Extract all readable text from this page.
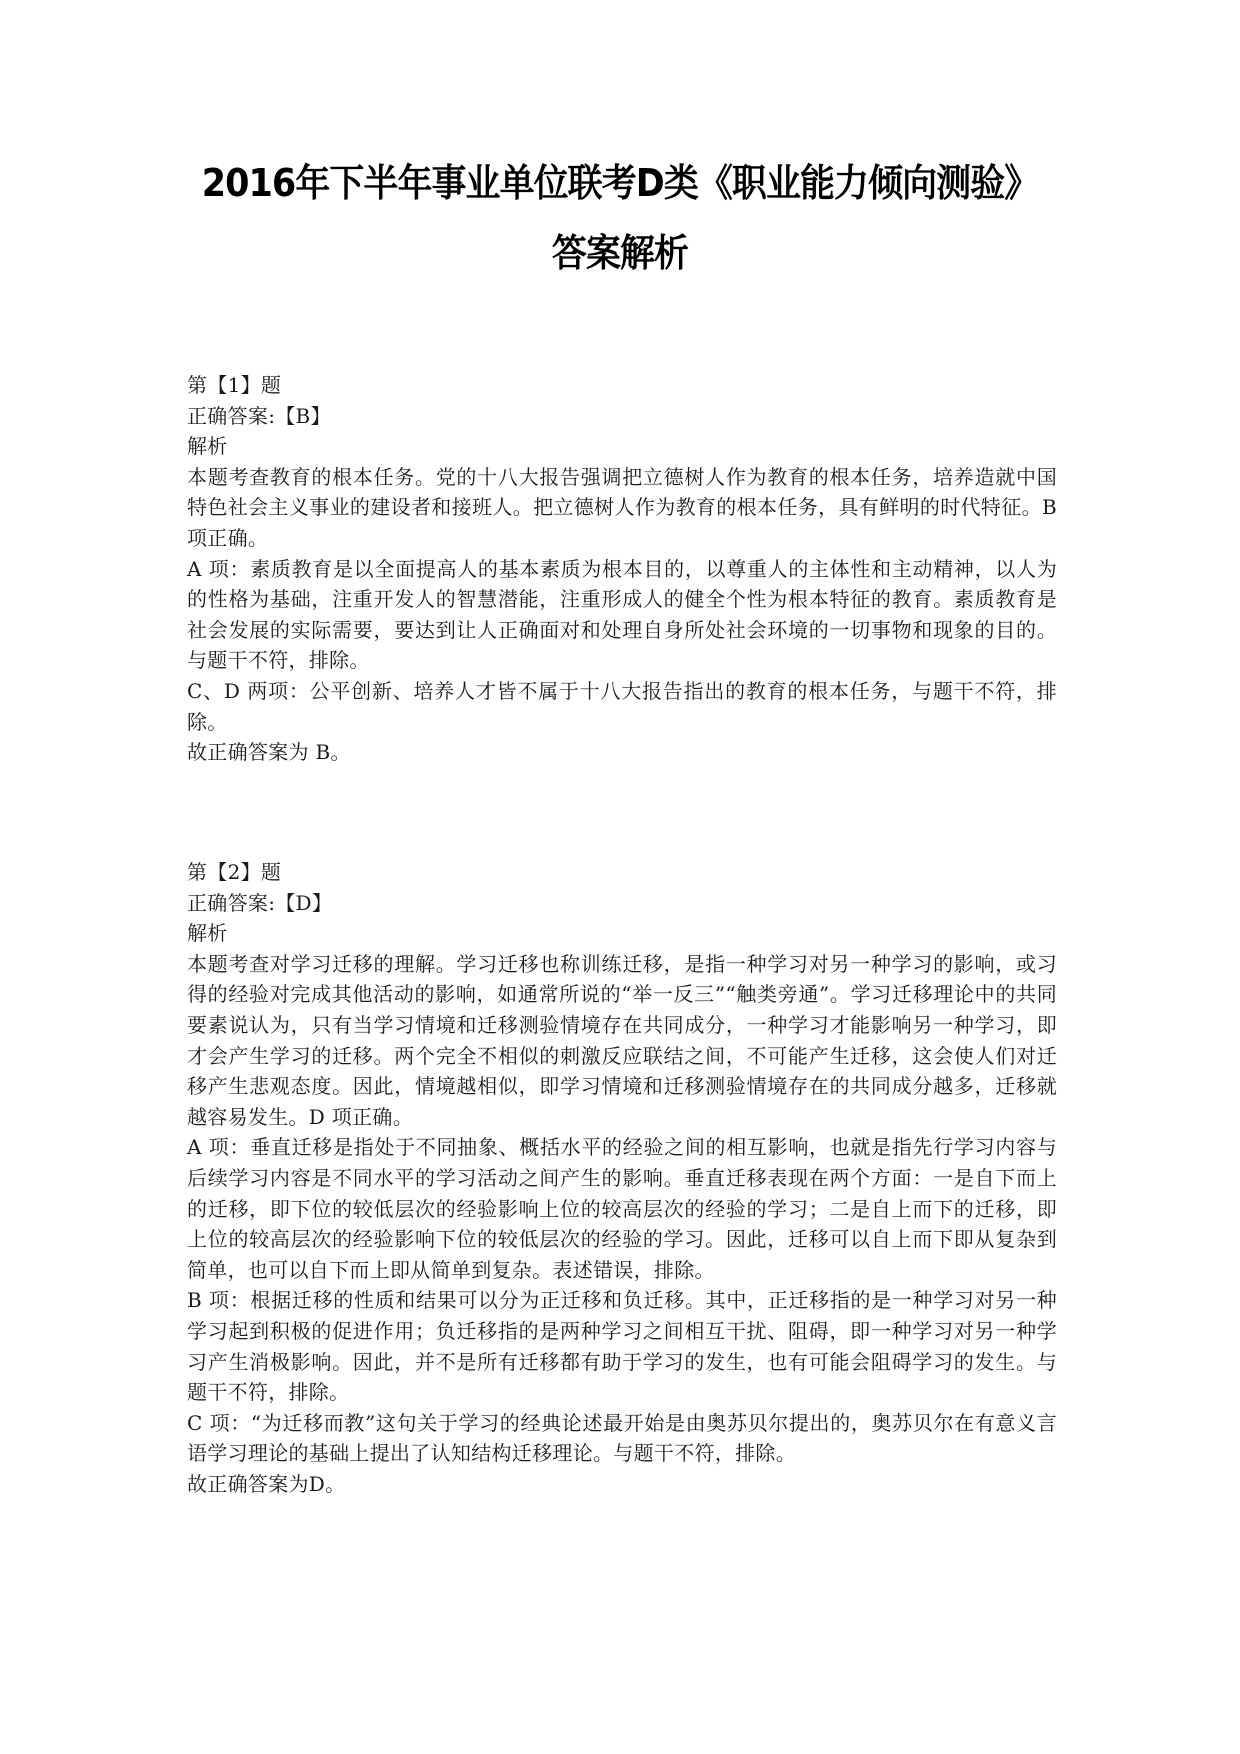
2016年下半年事业单位联考D类《职业能力倾向测验》
答案解析
第【1】题
正确答案:【B】
解析
本题考查教育的根本任务。党的十八大报告强调把立德树人作为教育的根本任务，培养造就中国特色社会主义事业的建设者和接班人。把立德树人作为教育的根本任务，具有鲜明的时代特征。B 项正确。
A 项：素质教育是以全面提高人的基本素质为根本目的，以尊重人的主体性和主动精神，以人为的性格为基础，注重开发人的智慧潜能，注重形成人的健全个性为根本特征的教育。素质教育是社会发展的实际需要，要达到让人正确面对和处理自身所处社会环境的一切事物和现象的目的。与题干不符，排除。
C、D 两项：公平创新、培养人才皆不属于十八大报告指出的教育的根本任务，与题干不符，排除。
故正确答案为 B。
第【2】题
正确答案:【D】
解析
本题考查对学习迁移的理解。学习迁移也称训练迁移，是指一种学习对另一种学习的影响，或习得的经验对完成其他活动的影响，如通常所说的“举一反三”“触类旁通”。学习迁移理论中的共同要素说认为，只有当学习情境和迁移测验情境存在共同成分，一种学习才能影响另一种学习，即才会产生学习的迁移。两个完全不相似的刺激反应联结之间，不可能产生迁移，这会使人们对迁移产生悲观态度。因此，情境越相似，即学习情境和迁移测验情境存在的共同成分越多，迁移就越容易发生。D 项正确。
A 项：垂直迁移是指处于不同抽象、概括水平的经验之间的相互影响，也就是指先行学习内容与后续学习内容是不同水平的学习活动之间产生的影响。垂直迁移表现在两个方面：一是自下而上的迁移，即下位的较低层次的经验影响上位的较高层次的经验的学习；二是自上而下的迁移，即上位的较高层次的经验影响下位的较低层次的经验的学习。因此，迁移可以自上而下即从复杂到简单，也可以自下而上即从简单到复杂。表述错误，排除。
B 项：根据迁移的性质和结果可以分为正迁移和负迁移。其中，正迁移指的是一种学习对另一种学习起到积极的促进作用；负迁移指的是两种学习之间相互干扰、阻碍，即一种学习对另一种学习产生消极影响。因此，并不是所有迁移都有助于学习的发生，也有可能会阻碍学习的发生。与题干不符，排除。
C 项：“为迁移而教”这句关于学习的经典论述最开始是由奥苏贝尔提出的，奥苏贝尔在有意义言语学习理论的基础上提出了认知结构迁移理论。与题干不符，排除。
故正确答案为D。
